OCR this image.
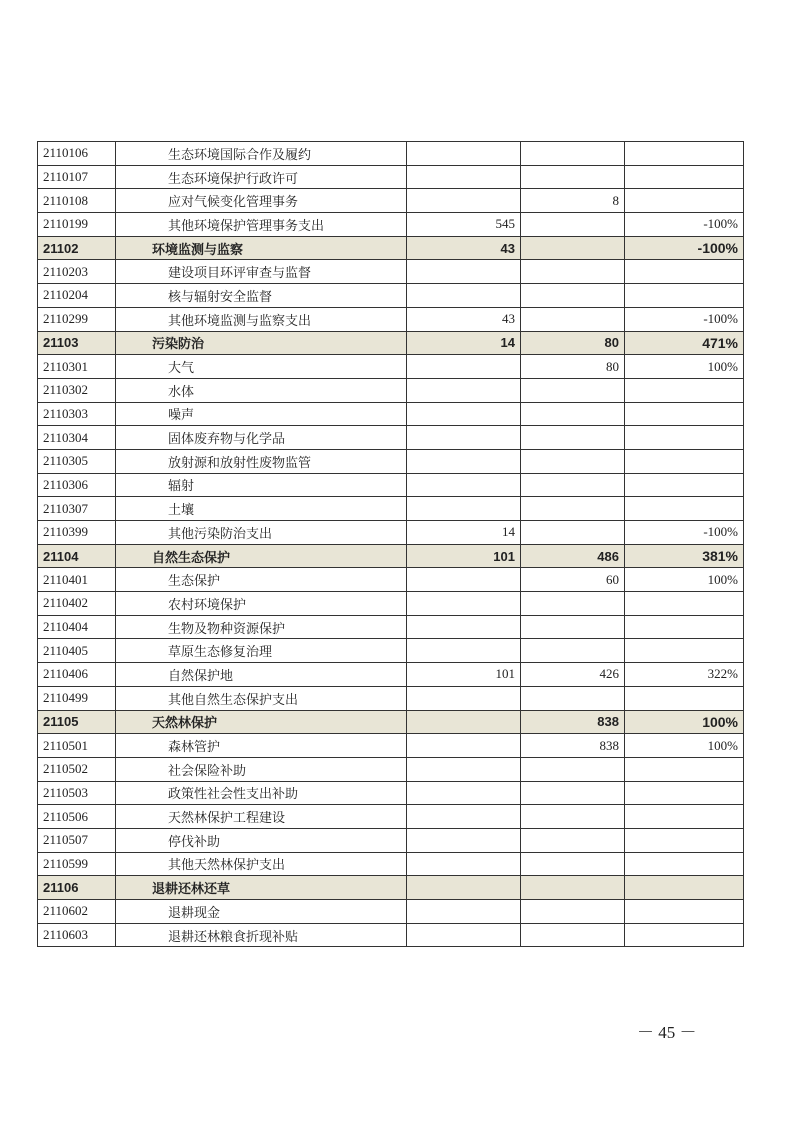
2110106	生态环境国际合作及履约			
2110107	生态环境保护行政许可			
2110108	应对气候变化管理事务		8	
2110199	其他环境保护管理事务支出	545		-100%
21102	环境监测与监察	43		-100%
2110203	建设项目环评审查与监督			
2110204	核与辐射安全监督			
2110299	其他环境监测与监察支出	43		-100%
21103	污染防治	14	80	471%
2110301	大气		80	100%
2110302	水体			
2110303	噪声			
2110304	固体废弃物与化学品			
2110305	放射源和放射性废物监管			
2110306	辐射			
2110307	土壤			
2110399	其他污染防治支出	14		-100%
21104	自然生态保护	101	486	381%
2110401	生态保护		60	100%
2110402	农村环境保护			
2110404	生物及物种资源保护			
2110405	草原生态修复治理			
2110406	自然保护地	101	426	322%
2110499	其他自然生态保护支出			
21105	天然林保护		838	100%
2110501	森林管护		838	100%
2110502	社会保险补助			
2110503	政策性社会性支出补助			
2110506	天然林保护工程建设			
2110507	停伐补助			
2110599	其他天然林保护支出			
21106	退耕还林还草			
2110602	退耕现金			
2110603	退耕还林粮食折现补贴			
－ 45 －
